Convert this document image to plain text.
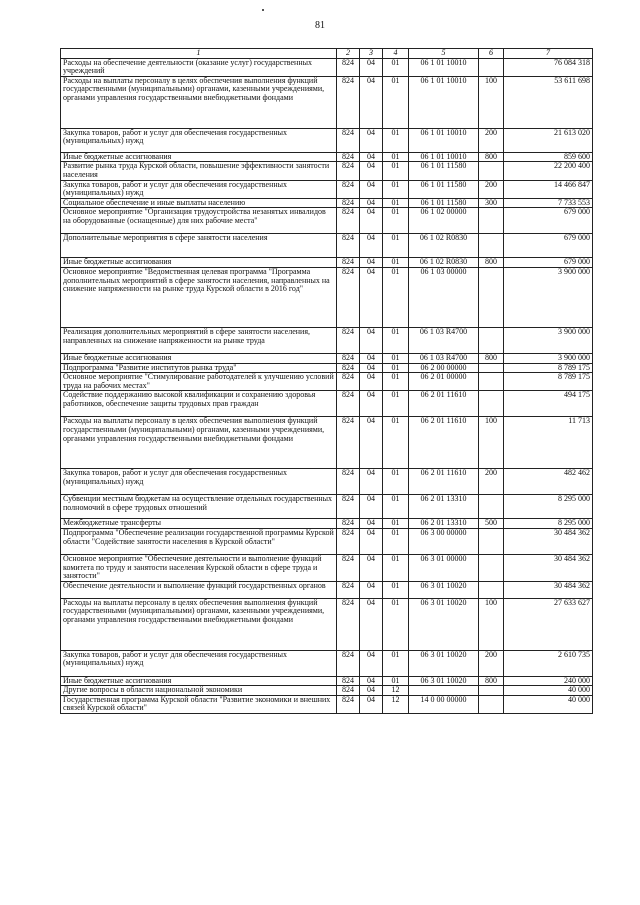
81
1	2	3	4	5	6	7
Расходы на обеспечение деятельности (оказание услуг) государственных учреждений	824	04	01	06 1 01 10010		76 084 318
Расходы на выплаты персоналу в целях обеспечения выполнения функций государственными (муниципальными) органами, казенными учреждениями, органами управления государственными внебюджетными фондами	824	04	01	06 1 01 10010	100	53 611 698
Закупка товаров, работ и услуг для обеспечения государственных (муниципальных) нужд	824	04	01	06 1 01 10010	200	21 613 020
Иные бюджетные ассигнования	824	04	01	06 1 01 10010	800	859 600
Развитие рынка труда Курской области, повышение эффективности занятости населения	824	04	01	06 1 01 11580		22 200 400
Закупка товаров, работ и услуг для обеспечения государственных (муниципальных) нужд	824	04	01	06 1 01 11580	200	14 466 847
Социальное обеспечение и иные выплаты населению	824	04	01	06 1 01 11580	300	7 733 553
Основное мероприятие "Организация трудоустройства незанятых инвалидов на оборудованные (оснащенные) для них рабочие места"	824	04	01	06 1 02 00000		679 000
Дополнительные мероприятия в сфере занятости населения	824	04	01	06 1 02 R0830		679 000
Иные бюджетные ассигнования	824	04	01	06 1 02 R0830	800	679 000
Основное мероприятие "Ведомственная целевая программа "Программа дополнительных мероприятий в сфере занятости населения, направленных на снижение напряженности на рынке труда Курской области в 2016 год"	824	04	01	06 1 03 00000		3 900 000
Реализация дополнительных мероприятий в сфере занятости населения, направленных на снижение напряженности на рынке труда	824	04	01	06 1 03 R4700		3 900 000
Иные бюджетные ассигнования	824	04	01	06 1 03 R4700	800	3 900 000
Подпрограмма "Развитие институтов рынка труда"	824	04	01	06 2 00 00000		8 789 175
Основное мероприятие "Стимулирование работодателей к улучшению условий труда на рабочих местах"	824	04	01	06 2 01 00000		8 789 175
Содействие поддержанию высокой квалификации и сохранению здоровья работников, обеспечение защиты трудовых прав граждан	824	04	01	06 2 01 11610		494 175
Расходы на выплаты персоналу в целях обеспечения выполнения функций государственными (муниципальными) органами, казенными учреждениями, органами управления государственными внебюджетными фондами	824	04	01	06 2 01 11610	100	11 713
Закупка товаров, работ и услуг для обеспечения государственных (муниципальных) нужд	824	04	01	06 2 01 11610	200	482 462
Субвенции местным бюджетам на осуществление отдельных государственных полномочий в сфере трудовых отношений	824	04	01	06 2 01 13310		8 295 000
Межбюджетные трансферты	824	04	01	06 2 01 13310	500	8 295 000
Подпрограмма "Обеспечение реализации государственной программы Курской области "Содействие занятости населения в Курской области"	824	04	01	06 3 00 00000		30 484 362
Основное мероприятие "Обеспечение деятельности и выполнение функций комитета по труду и занятости населения Курской области в сфере труда и занятости"	824	04	01	06 3 01 00000		30 484 362
Обеспечение деятельности и выполнение функций государственных органов	824	04	01	06 3 01 10020		30 484 362
Расходы на выплаты персоналу в целях обеспечения выполнения функций государственными (муниципальными) органами, казенными учреждениями, органами управления государственными внебюджетными фондами	824	04	01	06 3 01 10020	100	27 633 627
Закупка товаров, работ и услуг для обеспечения государственных (муниципальных) нужд	824	04	01	06 3 01 10020	200	2 610 735
Иные бюджетные ассигнования	824	04	01	06 3 01 10020	800	240 000
Другие вопросы в области национальной экономики	824	04	12			40 000
Государственная программа Курской области "Развитие экономики и внешних связей Курской области"	824	04	12	14 0 00 00000		40 000
